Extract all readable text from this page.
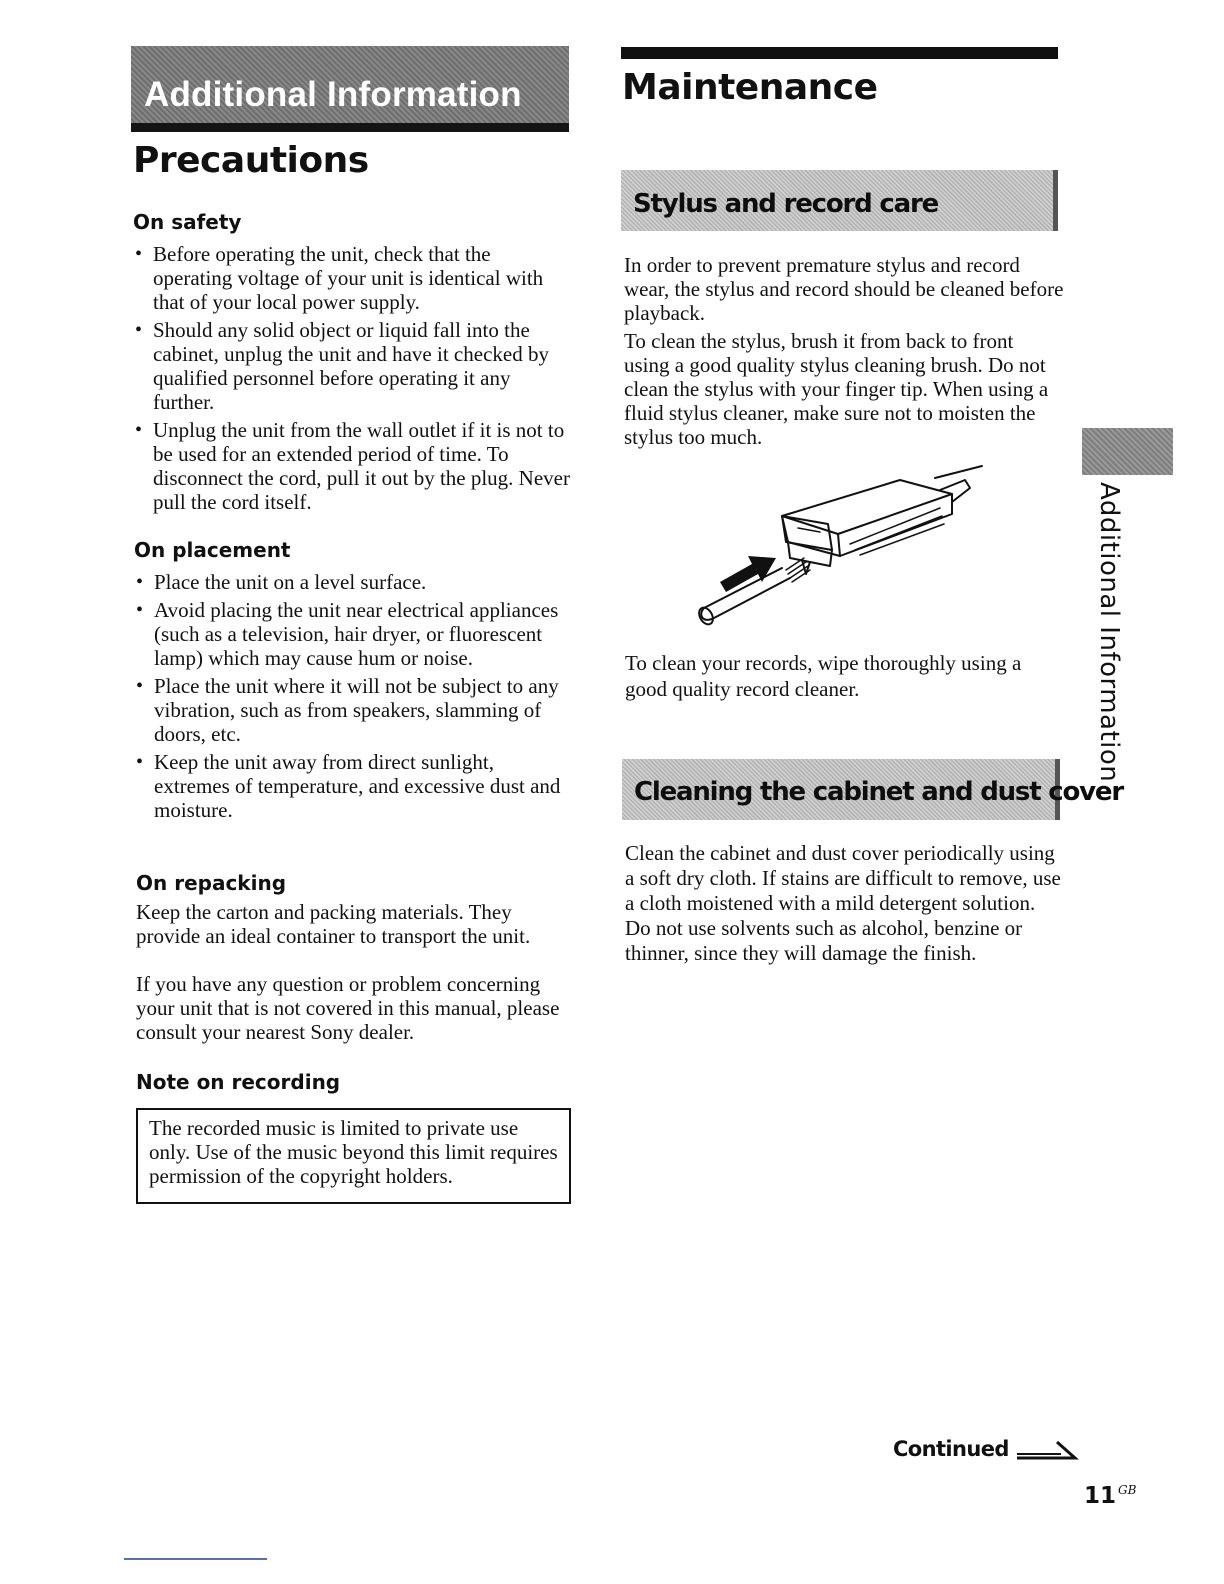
Additional Information
Precautions
On safety
• Before operating the unit, check that the operating voltage of your unit is identical with that of your local power supply.
• Should any solid object or liquid fall into the cabinet, unplug the unit and have it checked by qualified personnel before operating it any further.
• Unplug the unit from the wall outlet if it is not to be used for an extended period of time. To disconnect the cord, pull it out by the plug. Never pull the cord itself.
On placement
• Place the unit on a level surface.
• Avoid placing the unit near electrical appliances (such as a television, hair dryer, or fluorescent lamp) which may cause hum or noise.
• Place the unit where it will not be subject to any vibration, such as from speakers, slamming of doors, etc.
• Keep the unit away from direct sunlight, extremes of temperature, and excessive dust and moisture.
On repacking

Keep the carton and packing materials. They provide an ideal container to transport the unit.

If you have any question or problem concerning your unit that is not covered in this manual, please consult your nearest Sony dealer.

Note on recording

The recorded music is limited to private use only. Use of the music beyond this limit requires permission of the copyright holders.

Maintenance
Stylus and record care

In order to prevent premature stylus and record wear, the stylus and record should be cleaned before playback.

To clean the stylus, brush it from back to front using a good quality stylus cleaning brush. Do not clean the stylus with your finger tip. When using a fluid stylus cleaner, make sure not to moisten the stylus too much.

To clean your records, wipe thoroughly using a good quality record cleaner.

Cleaning the cabinet and dust cover

Clean the cabinet and dust cover periodically using a soft dry cloth. If stains are difficult to remove, use a cloth moistened with a mild detergent solution. Do not use solvents such as alcohol, benzine or thinner, since they will damage the finish.

Additional Information
Continued
11 $^{GB}$
